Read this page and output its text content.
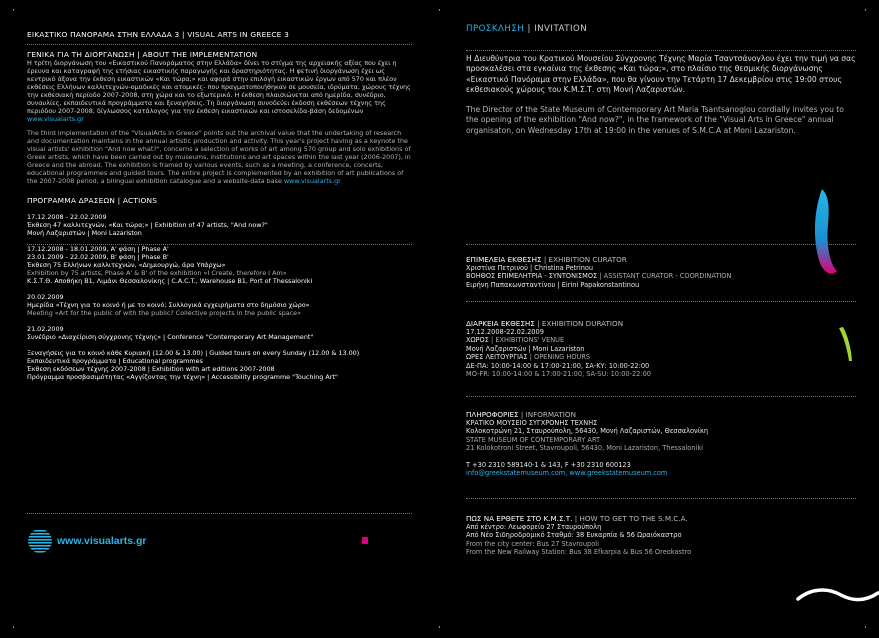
·	·	·
·	·	·
ΕΙΚΑΣΤΙΚΟ ΠΑΝΟΡΑΜΑ ΣΤΗΝ ΕΛΛΑΔΑ 3 | VISUAL ARTS IN GREECE 3
ΓΕΝΙΚΑ ΓΙΑ ΤΗ ΔΙΟΡΓΑΝΩΣΗ | ABOUT THE IMPLEMENTATION
Η τρίτη διοργάνωση του «Εικαστικού Πανοράματος στην Ελλάδα» δίνει το στίγμα της αρχειακής αξίας που έχει η έρευνα και καταγραφή της ετήσιας εικαστικής παραγωγής και δραστηριότητας. Η φετινή διοργάνωση έχει ως κεντρικό άξονα την έκθεση εικαστικών «Και τώρα;» και αφορά στην επιλογή εικαστικών έργων από 570 και πλέον εκθέσεις Ελλήνων καλλιτεχνών-ομαδικές και ατομικές- που πραγματοποιήθηκαν σε μουσεία, ιδρύματα, χώρους τέχνης την εκθεσιακή περίοδο 2007-2008, στη χώρα και το εξωτερικό. Η έκθεση πλαισιώνεται από ημερίδα, συνέδριο, συναυλίες, εκπαιδευτικά προγράμματα και ξεναγήσεις. Τη διοργάνωση συνοδεύει έκδοση εκθέσεων τέχνης της περιόδου 2007-2008, δίγλωσσος κατάλογος για την έκθεση εικαστικών και ιστοσελίδα-βάση δεδομένων www.visualarts.gr
The third implementation of the "VisualArts in Greece" points out the archival value that the undertaking of research and documentation maintains in the annual artistic production and activity. This year's project having as a keynote the visual artists' exhibition "And now what?", concerns a selection of works of art among 570 group and solo exhibitions of Greek artists, which have been carried out by museums, institutions and art spaces within the last year (2006-2007), in Greece and the abroad. The exhibition is framed by various events, such as a meeting, a conference, concerts, educational programmes and guided tours. The entire project is complemented by an exhibition of art publications of the 2007-2008 period, a bilingual exhibition catalogue and a website-data base www.visualarts.gr
ΠΡΟΓΡΑΜΜΑ ΔΡΑΣΕΩΝ | ACTIONS
17.12.2008 - 22.02.2009
Έκθεση 47 καλλιτεχνών, «Και τώρα;» | Exhibition of 47 artists, "And now?"
Μονή Λαζαριστών | Moni Lazariston
17.12.2008 - 18.01.2009, Α' φάση | Phase A'
23.01.2009 - 22.02.2009, Β' φάση | Phase B'
Έκθεση 75 Ελλήνων καλλιτεχνών, «Δημιουργώ, άρα Υπάρχω»
Exhibition by 75 artists, Phase A' & B' of the exhibition «I Create, therefore I Am»
Κ.Σ.Τ.Θ. Αποθήκη Β1, Λιμάνι Θεσσαλονίκης | C.A.C.T., Warehouse B1, Port of Thessaloniki
20.02.2009
Ημερίδα «Τέχνη για το κοινό ή με το κοινό; Συλλογικά εγχειρήματα στο δημόσιο χώρο»
Meeting «Art for the public of with the public? Collective projects in the public space»
21.02.2009
Συνέδριο «Διαχείριση σύγχρονης τέχνης» | Conference "Contemporary Art Management"
Ξεναγήσεις για το κοινό κάθε Κυριακή (12.00 & 13.00) | Guided tours on every Sunday (12.00 & 13.00)
Εκπαιδευτικά προγράμματα | Educational programmes
Έκθεση εκδόσεων τέχνης 2007-2008 | Exhibition with art editions 2007-2008
Πρόγραμμα προσβασιμότητας «Αγγίζοντας την τέχνη» | Accessibility programme "Touching Art"
www.visualarts.gr
ΠΡΟΣΚΛΗΣΗ | INVITATION
Η Διευθύντρια του Κρατικού Μουσείου Σύγχρονης Τέχνης Μαρία Τσαντσάνογλου έχει την τιμή να σας προσκαλέσει στα εγκαίνια της έκθεσης «Και τώρα;», στο πλαίσιο της θεσμικής διοργάνωσης «Εικαστικό Πανόραμα στην Ελλάδα», που θα γίνουν την Τετάρτη 17 Δεκεμβρίου στις 19:00 στους εκθεσιακούς χώρους του Κ.Μ.Σ.Τ. στη Μονή Λαζαριστών.
The Director of the State Museum of Contemporary Art Maria Tsantsanoglou cordially invites you to the opening of the exhibition "And now?", in the framework of the "Visual Arts in Greece" annual organisaton, on Wednesday 17th at 19:00 in the venues of S.M.C.A at Moni Lazariston.
ΕΠΙΜΕΛΕΙΑ ΕΚΘΕΣΗΣ | EXHIBITION CURATOR
Χριστίνα Πετρινού | Christina Petrinou
ΒΟΗΘΟΣ ΕΠΙΜΕΛΗΤΡΙΑ - ΣΥΝΤΟΝΙΣΜΟΣ | ASSISTANT CURATOR - COORDINATION
Ειρήνη Παπακωνσταντίνου | Eirini Papakonstantinou
ΔΙΑΡΚΕΙΑ ΕΚΘΕΣΗΣ | EXHIBITION DURATION
17.12.2008-22.02.2009
ΧΩΡΟΣ | EXHIBITIONS' VENUE
Μονή Λαζαριστών | Moni Lazariston
ΩΡΕΣ ΛΕΙΤΟΥΡΓΙΑΣ | OPENING HOURS
ΔΕ-ΠΑ: 10:00-14:00 & 17:00-21:00, ΣΑ-ΚΥ: 10:00-22:00
MO-FR: 10:00-14:00 & 17:00-21:00, SA-SU: 10:00-22:00
ΠΛΗΡΟΦΟΡΙΕΣ | INFORMATION
ΚΡΑΤΙΚΟ ΜΟΥΣΕΙΟ ΣΥΓΧΡΟΝΗΣ ΤΕΧΝΗΣ
Κολοκοτρώνη 21, Σταυρούπολη, 56430, Μονή Λαζαριστών, Θεσσαλονίκη
STATE MUSEUM OF CONTEMPORARY ART
21 Kolokotroni Street, Stavroupoli, 56430, Moni Lazariston, Thessaloniki
T +30 2310 589140-1 & 143, F +30 2310 600123
info@greekstatemuseum.com, www.greekstatemuseum.com
ΠΩΣ ΝΑ ΕΡΘΕΤΕ ΣΤΟ Κ.Μ.Σ.Τ. | HOW TO GET TO THE S.M.C.A.
Από κέντρο: Λεωφορείο 27 Σταυρούπολη
Από Νέο Σιδηροδρομικό Σταθμό: 38 Ευκαρπία & 56 Ωραιόκαστρο
From the city center: Bus 27 Stavroupoli
From the New Railway Station: Bus 38 Efkarpia & Bus 56 Oreokastro
